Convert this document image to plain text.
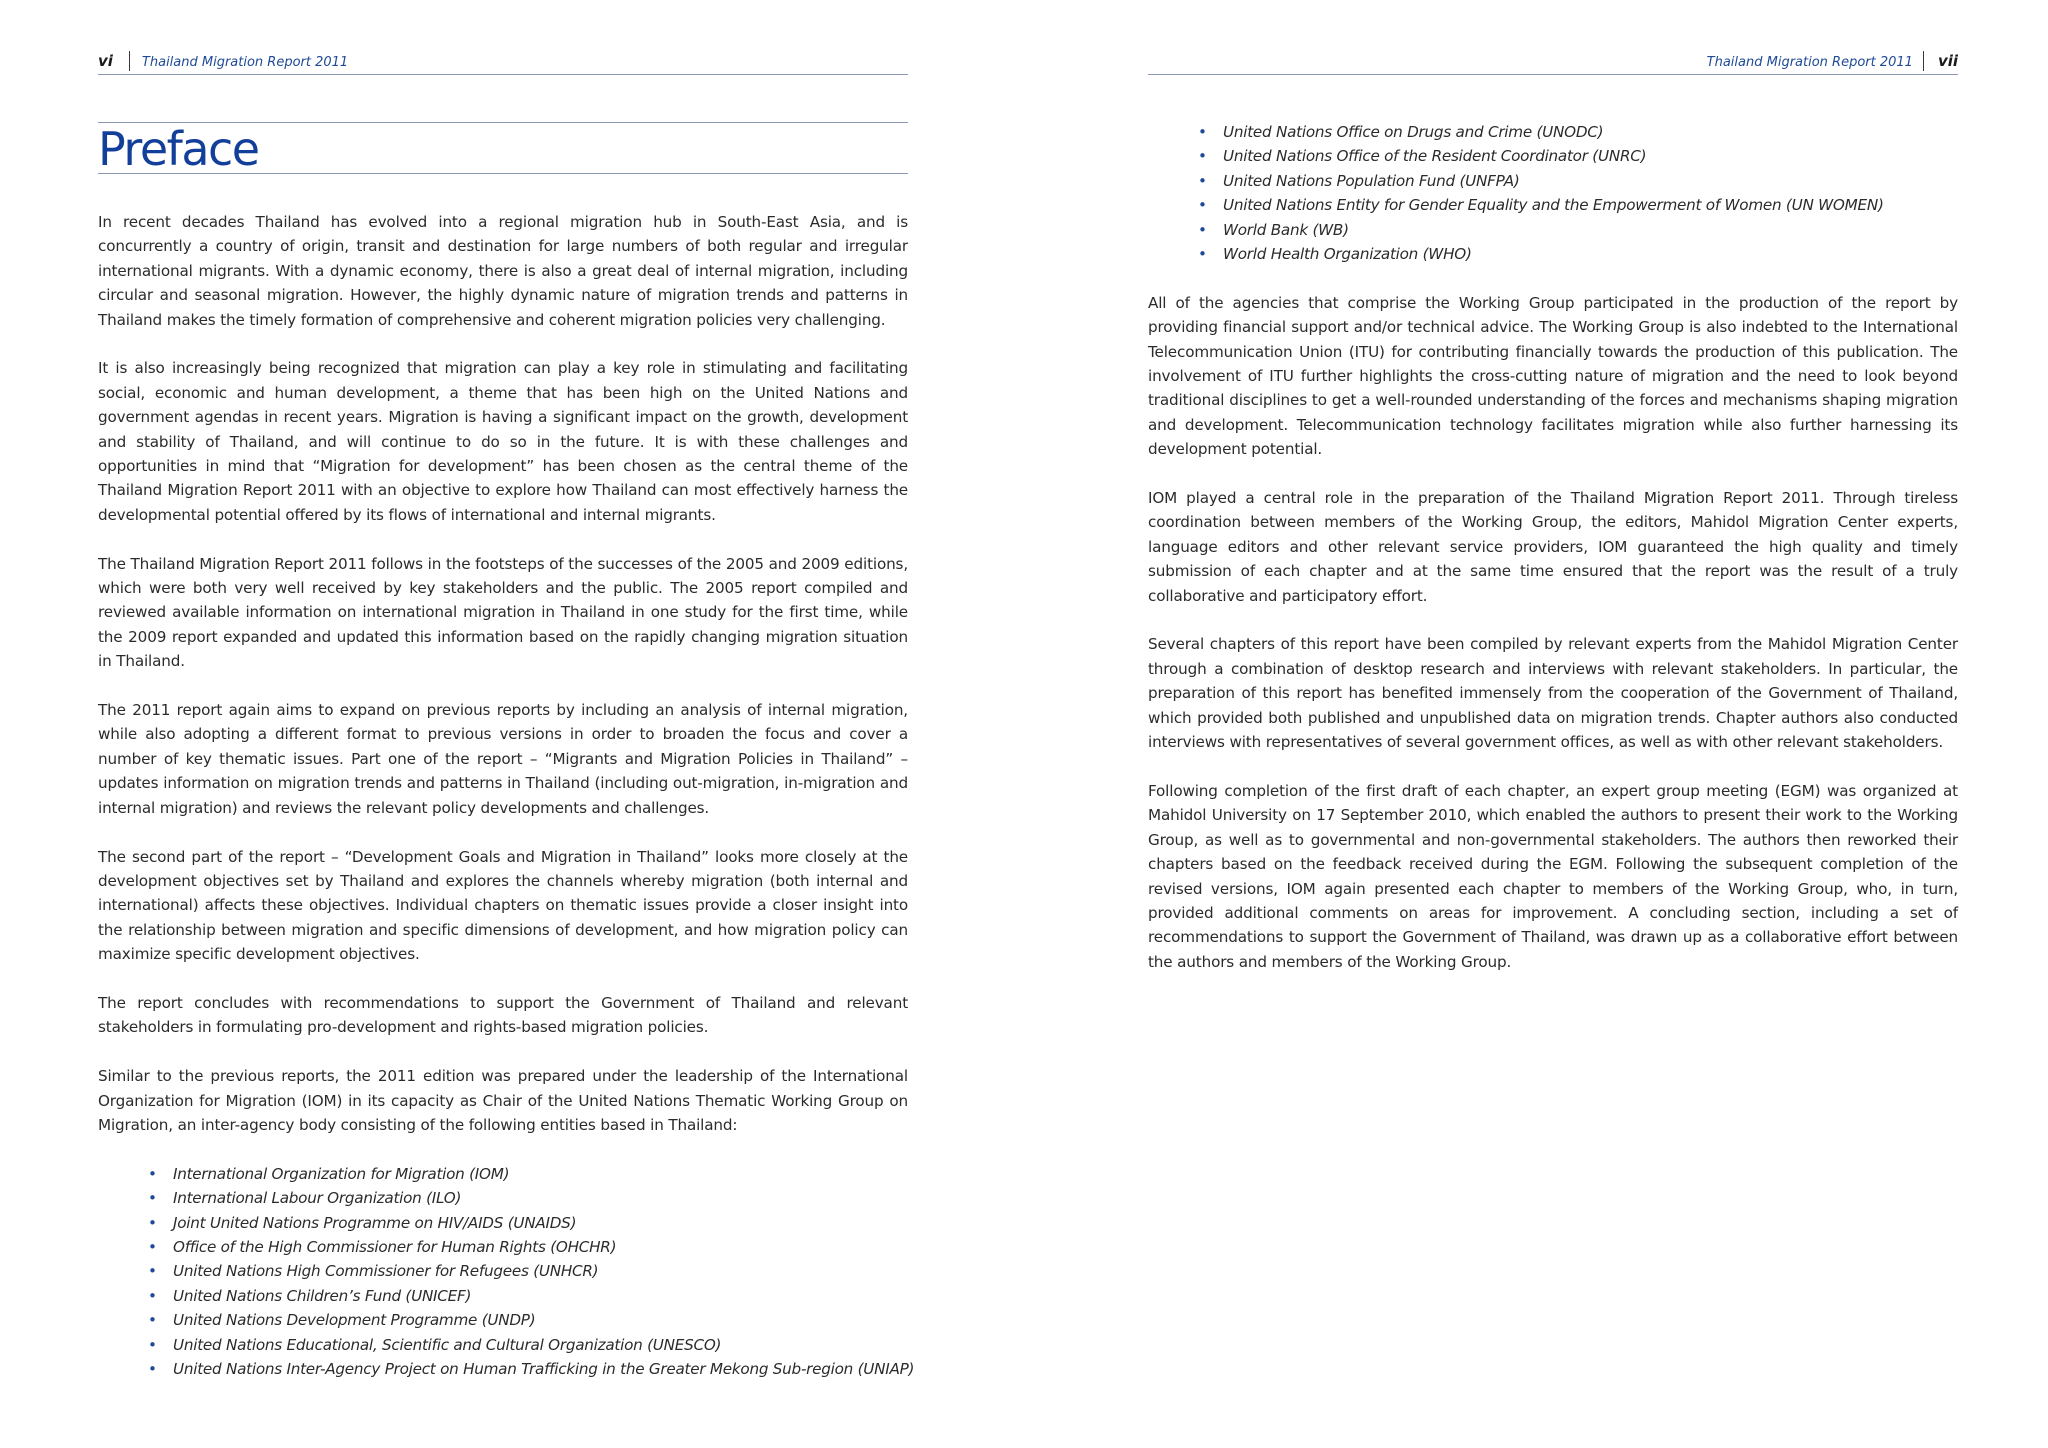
vi Thailand Migration Report 2011
Preface

In recent decades Thailand has evolved into a regional migration hub in South-East Asia, and is concurrently a country of origin, transit and destination for large numbers of both regular and irregular international migrants. With a dynamic economy, there is also a great deal of internal migration, including circular and seasonal migration. However, the highly dynamic nature of migration trends and patterns in Thailand makes the timely formation of comprehensive and coherent migration policies very challenging.

It is also increasingly being recognized that migration can play a key role in stimulating and facilitating social, economic and human development, a theme that has been high on the United Nations and government agendas in recent years. Migration is having a significant impact on the growth, development and stability of Thailand, and will continue to do so in the future. It is with these challenges and opportunities in mind that “Migration for development” has been chosen as the central theme of the Thailand Migration Report 2011 with an objective to explore how Thailand can most effectively harness the developmental potential offered by its flows of international and internal migrants.

The Thailand Migration Report 2011 follows in the footsteps of the successes of the 2005 and 2009 editions, which were both very well received by key stakeholders and the public. The 2005 report compiled and reviewed available information on international migration in Thailand in one study for the first time, while the 2009 report expanded and updated this information based on the rapidly changing migration situation in Thailand.

The 2011 report again aims to expand on previous reports by including an analysis of internal migration, while also adopting a different format to previous versions in order to broaden the focus and cover a number of key thematic issues. Part one of the report – “Migrants and Migration Policies in Thailand” – updates information on migration trends and patterns in Thailand (including out-migration, in-migration and internal migration) and reviews the relevant policy developments and challenges.

The second part of the report – “Development Goals and Migration in Thailand” looks more closely at the development objectives set by Thailand and explores the channels whereby migration (both internal and international) affects these objectives. Individual chapters on thematic issues provide a closer insight into the relationship between migration and specific dimensions of development, and how migration policy can maximize specific development objectives.

The report concludes with recommendations to support the Government of Thailand and relevant stakeholders in formulating pro-development and rights-based migration policies.

Similar to the previous reports, the 2011 edition was prepared under the leadership of the International Organization for Migration (IOM) in its capacity as Chair of the United Nations Thematic Working Group on Migration, an inter-agency body consisting of the following entities based in Thailand:

• International Organization for Migration (IOM)
• International Labour Organization (ILO)
• Joint United Nations Programme on HIV/AIDS (UNAIDS)
• Office of the High Commissioner for Human Rights (OHCHR)
• United Nations High Commissioner for Refugees (UNHCR)
• United Nations Children’s Fund (UNICEF)
• United Nations Development Programme (UNDP)
• United Nations Educational, Scientific and Cultural Organization (UNESCO)
• United Nations Inter-Agency Project on Human Trafficking in the Greater Mekong Sub-region (UNIAP)
Thailand Migration Report 2011 vii
• United Nations Office on Drugs and Crime (UNODC)
• United Nations Office of the Resident Coordinator (UNRC)
• United Nations Population Fund (UNFPA)
• United Nations Entity for Gender Equality and the Empowerment of Women (UN WOMEN)
• World Bank (WB)
• World Health Organization (WHO)

All of the agencies that comprise the Working Group participated in the production of the report by providing financial support and/or technical advice. The Working Group is also indebted to the International Telecommunication Union (ITU) for contributing financially towards the production of this publication. The involvement of ITU further highlights the cross-cutting nature of migration and the need to look beyond traditional disciplines to get a well-rounded understanding of the forces and mechanisms shaping migration and development. Telecommunication technology facilitates migration while also further harnessing its development potential.

IOM played a central role in the preparation of the Thailand Migration Report 2011. Through tireless coordination between members of the Working Group, the editors, Mahidol Migration Center experts, language editors and other relevant service providers, IOM guaranteed the high quality and timely submission of each chapter and at the same time ensured that the report was the result of a truly collaborative and participatory effort.

Several chapters of this report have been compiled by relevant experts from the Mahidol Migration Center through a combination of desktop research and interviews with relevant stakeholders. In particular, the preparation of this report has benefited immensely from the cooperation of the Government of Thailand, which provided both published and unpublished data on migration trends. Chapter authors also conducted interviews with representatives of several government offices, as well as with other relevant stakeholders.

Following completion of the first draft of each chapter, an expert group meeting (EGM) was organized at Mahidol University on 17 September 2010, which enabled the authors to present their work to the Working Group, as well as to governmental and non-governmental stakeholders. The authors then reworked their chapters based on the feedback received during the EGM. Following the subsequent completion of the revised versions, IOM again presented each chapter to members of the Working Group, who, in turn, provided additional comments on areas for improvement. A concluding section, including a set of recommendations to support the Government of Thailand, was drawn up as a collaborative effort between the authors and members of the Working Group.
